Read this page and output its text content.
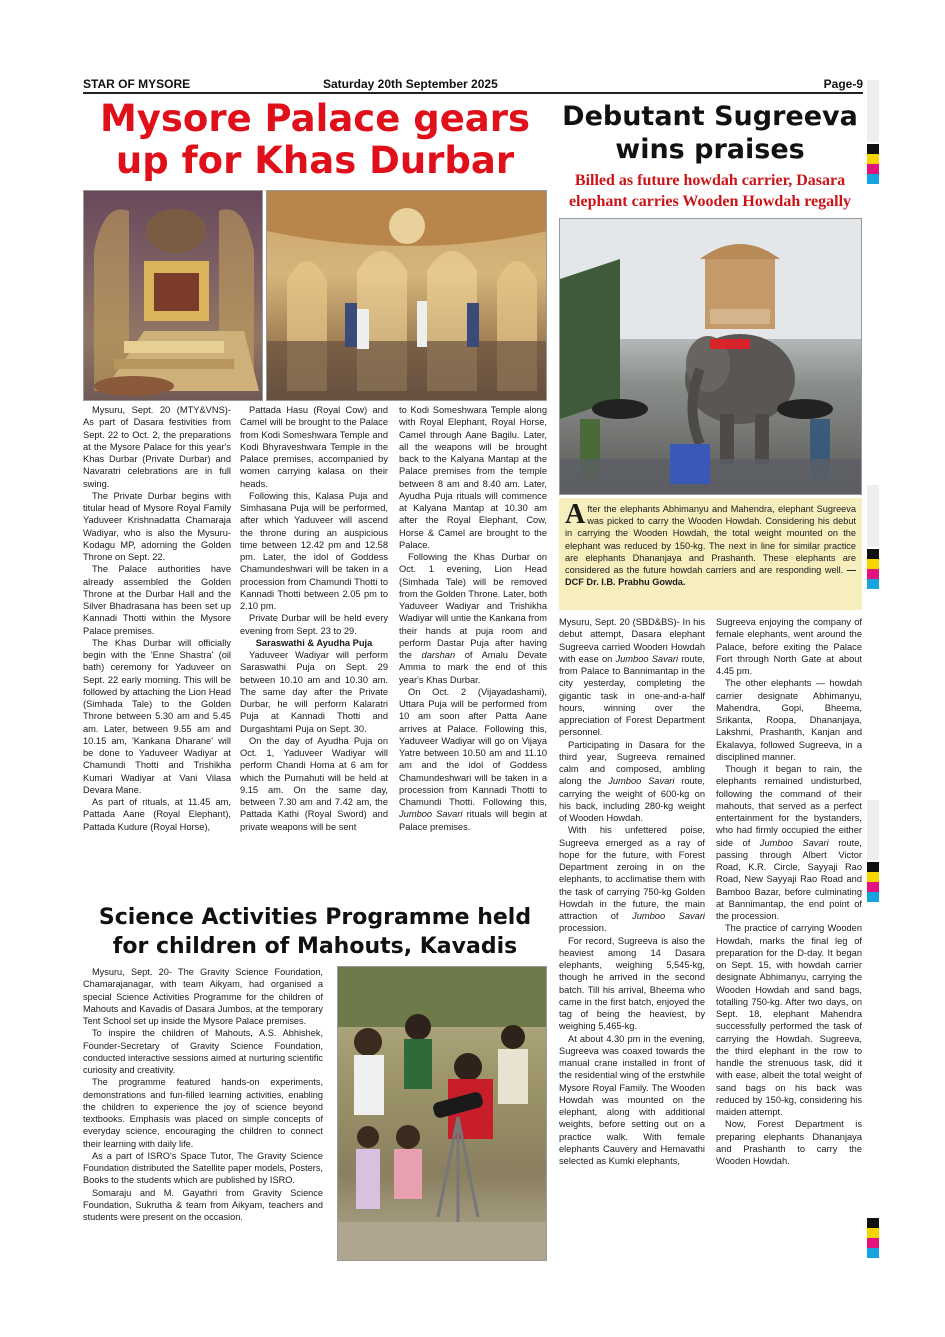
STAR OF MYSORE	Saturday 20th September 2025	Page-9
Mysore Palace gears
up for Khas Durbar

Mysuru, Sept. 20 (MTY&VNS)- As part of Dasara festivities from Sept. 22 to Oct. 2, the preparations at the Mysore Palace for this year's Khas Durbar (Private Durbar) and Navaratri celebrations are in full swing.

The Private Durbar begins with titular head of Mysore Royal Family Yaduveer Krishnadatta Chamaraja Wadiyar, who is also the Mysuru-Kodagu MP, adorning the Golden Throne on Sept. 22.

The Palace authorities have already assembled the Golden Throne at the Durbar Hall and the Silver Bhadrasana has been set up Kannadi Thotti within the Mysore Palace premises.

The Khas Durbar will officially begin with the 'Enne Shastra' (oil bath) ceremony for Yaduveer on Sept. 22 early morning. This will be followed by attaching the Lion Head (Simhada Tale) to the Golden Throne between 5.30 am and 5.45 am. Later, between 9.55 am and 10.15 am, 'Kankana Dharane' will be done to Yaduveer Wadiyar at Chamundi Thotti and Trishikha Kumari Wadiyar at Vani Vilasa Devara Mane.

As part of rituals, at 11.45 am, Pattada Aane (Royal Elephant), Pattada Kudure (Royal Horse),

Pattada Hasu (Royal Cow) and Camel will be brought to the Palace from Kodi Someshwara Temple and Kodi Bhyraveshwara Temple in the Palace premises, accompanied by women carrying kalasa on their heads.

Following this, Kalasa Puja and Simhasana Puja will be performed, after which Yaduveer will ascend the throne during an auspicious time between 12.42 pm and 12.58 pm. Later, the idol of Goddess Chamundeshwari will be taken in a procession from Chamundi Thotti to Kannadi Thotti between 2.05 pm to 2.10 pm.

Private Durbar will be held every evening from Sept. 23 to 29.

Saraswathi & Ayudha Puja

Yaduveer Wadiyar will perform Saraswathi Puja on Sept. 29 between 10.10 am and 10.30 am. The same day after the Private Durbar, he will perform Kalaratri Puja at Kannadi Thotti and Durgashtami Puja on Sept. 30.

On the day of Ayudha Puja on Oct. 1, Yaduveer Wadiyar will perform Chandi Homa at 6 am for which the Purnahuti will be held at 9.15 am. On the same day, between 7.30 am and 7.42 am, the Pattada Kathi (Royal Sword) and private weapons will be sent

to Kodi Someshwara Temple along with Royal Elephant, Royal Horse, Camel through Aane Bagilu. Later, all the weapons will be brought back to the Kalyana Mantap at the Palace premises from the temple between 8 am and 8.40 am. Later, Ayudha Puja rituals will commence at Kalyana Mantap at 10.30 am after the Royal Elephant, Cow, Horse & Camel are brought to the Palace.

Following the Khas Durbar on Oct. 1 evening, Lion Head (Simhada Tale) will be removed from the Golden Throne. Later, both Yaduveer Wadiyar and Trishikha Wadiyar will untie the Kankana from their hands at puja room and perform Dastar Puja after having the darshan of Amalu Devate Amma to mark the end of this year's Khas Durbar.

On Oct. 2 (Vijayadashami), Uttara Puja will be performed from 10 am soon after Patta Aane arrives at Palace. Following this, Yaduveer Wadiyar will go on Vijaya Yatre between 10.50 am and 11.10 am and the idol of Goddess Chamundeshwari will be taken in a procession from Kannadi Thotti to Chamundi Thotti. Following this, Jumboo Savari rituals will begin at Palace premises.

Debutant Sugreeva
wins praises
Billed as future howdah carrier, Dasara elephant carries Wooden Howdah regally
After the elephants Abhimanyu and Mahendra, elephant Sugreeva was picked to carry the Wooden Howdah. Considering his debut in carrying the Wooden Howdah, the total weight mounted on the elephant was reduced by 150-kg. The next in line for similar practice are elephants Dhananjaya and Prashanth. These elephants are considered as the future howdah carriers and are responding well. —DCF Dr. I.B. Prabhu Gowda.

Mysuru, Sept. 20 (SBD&BS)- In his debut attempt, Dasara elephant Sugreeva carried Wooden Howdah with ease on Jumboo Savari route, from Palace to Bannimantap in the city yesterday, completing the gigantic task in one-and-a-half hours, winning over the appreciation of Forest Department personnel.

Participating in Dasara for the third year, Sugreeva remained calm and composed, ambling along the Jumboo Savari route, carrying the weight of 600-kg on his back, including 280-kg weight of Wooden Howdah.

With his unfettered poise, Sugreeva emerged as a ray of hope for the future, with Forest Department zeroing in on the elephants, to acclimatise them with the task of carrying 750-kg Golden Howdah in the future, the main attraction of Jumboo Savari procession.

For record, Sugreeva is also the heaviest among 14 Dasara elephants, weighing 5,545-kg, though he arrived in the second batch. Till his arrival, Bheema who came in the first batch, enjoyed the tag of being the heaviest, by weighing 5,465-kg.

At about 4.30 pm in the evening, Sugreeva was coaxed towards the manual crane installed in front of the residential wing of the erstwhile Mysore Royal Family. The Wooden Howdah was mounted on the elephant, along with additional weights, before setting out on a practice walk. With female elephants Cauvery and Hemavathi selected as Kumki elephants,

Sugreeva enjoying the company of female elephants, went around the Palace, before exiting the Palace Fort through North Gate at about 4.45 pm.

The other elephants — howdah carrier designate Abhimanyu, Mahendra, Gopi, Bheema, Srikanta, Roopa, Dhananjaya, Lakshmi, Prashanth, Kanjan and Ekalavya, followed Sugreeva, in a disciplined manner.

Though it began to rain, the elephants remained undisturbed, following the command of their mahouts, that served as a perfect entertainment for the bystanders, who had firmly occupied the either side of Jumboo Savari route, passing through Albert Victor Road, K.R. Circle, Sayyaji Rao Road, New Sayyaji Rao Road and Bamboo Bazar, before culminating at Bannimantap, the end point of the procession.

The practice of carrying Wooden Howdah, marks the final leg of preparation for the D-day. It began on Sept. 15, with howdah carrier designate Abhimanyu, carrying the Wooden Howdah and sand bags, totalling 750-kg. After two days, on Sept. 18, elephant Mahendra successfully performed the task of carrying the Howdah. Sugreeva, the third elephant in the row to handle the strenuous task, did it with ease, albeit the total weight of sand bags on his back was reduced by 150-kg, considering his maiden attempt.

Now, Forest Department is preparing elephants Dhananjaya and Prashanth to carry the Wooden Howdah.

Science Activities Programme held
for children of Mahouts, Kavadis

Mysuru, Sept. 20- The Gravity Science Foundation, Chamarajanagar, with team Aikyam, had organised a special Science Activities Programme for the children of Mahouts and Kavadis of Dasara Jumbos, at the temporary Tent School set up inside the Mysore Palace premises.

To inspire the children of Mahouts, A.S. Abhishek, Founder-Secretary of Gravity Science Foundation, conducted interactive sessions aimed at nurturing scientific curiosity and creativity.

The programme featured hands-on experiments, demonstrations and fun-filled learning activities, enabling the children to experience the joy of science beyond textbooks. Emphasis was placed on simple concepts of everyday science, encouraging the children to connect their learning with daily life.

As a part of ISRO's Space Tutor, The Gravity Science Foundation distributed the Satellite paper models, Posters, Books to the students which are published by ISRO.

Somaraju and M. Gayathri from Gravity Science Foundation, Sukrutha & team from Aikyam, teachers and students were present on the occasion.
